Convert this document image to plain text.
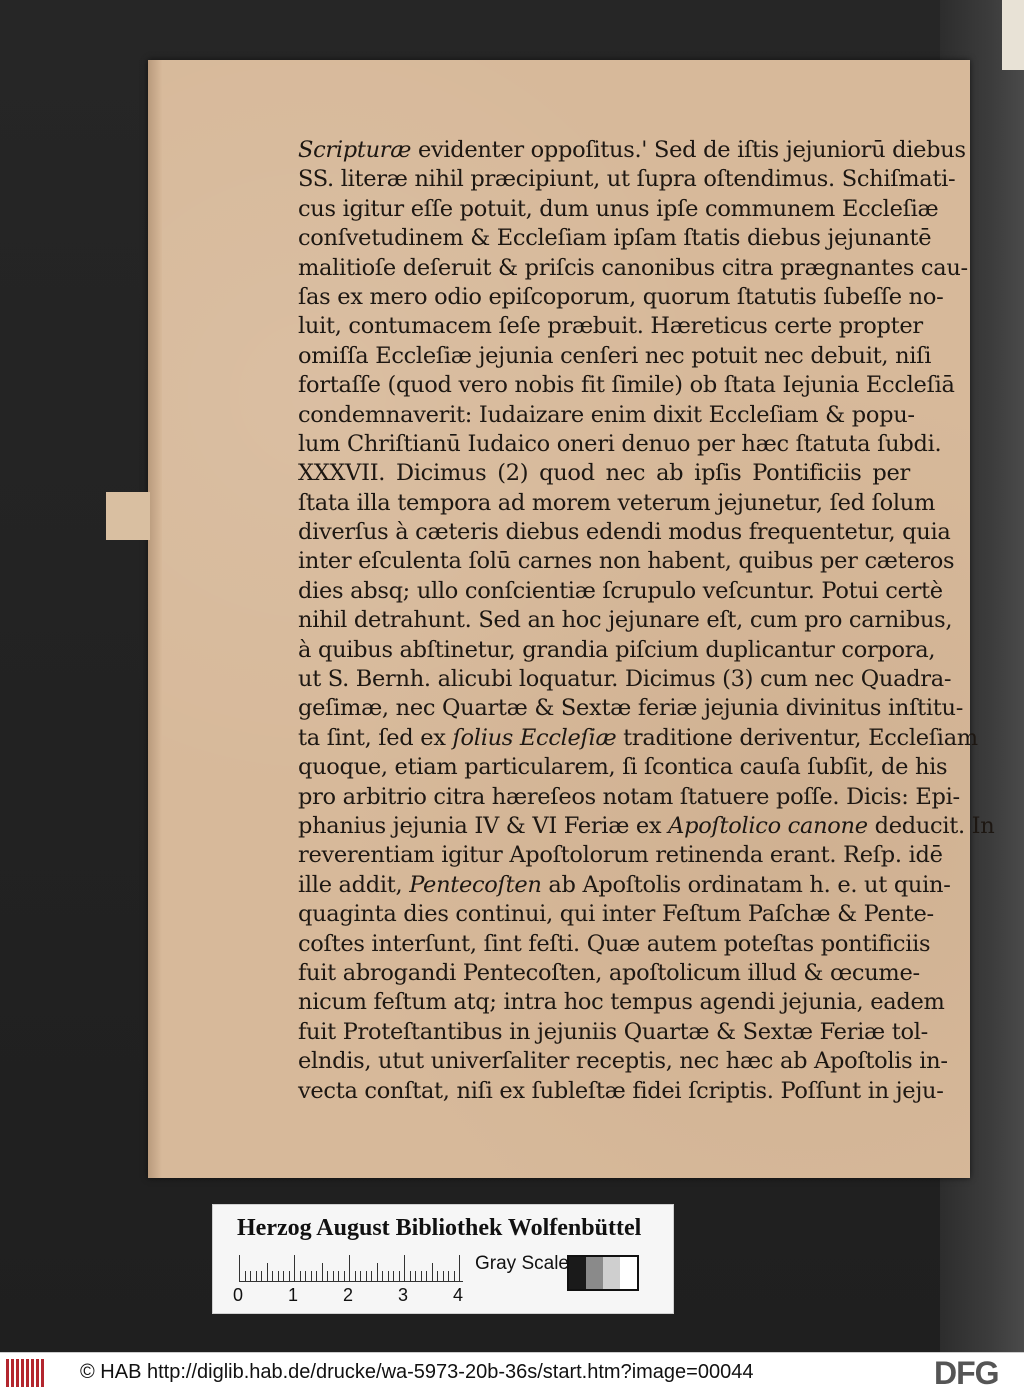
Scripturæ evidenter oppoſitus.' Sed de iſtis jejuniorū diebus
SS. literæ nihil præcipiunt, ut ſupra oſtendimus. Schiſmati-
cus igitur eſſe potuit, dum unus ipſe communem Eccleſiæ
conſvetudinem & Eccleſiam ipſam ſtatis diebus jejunantē
malitioſe deſeruit & priſcis canonibus citra prægnantes cau-
ſas ex mero odio epiſcoporum, quorum ſtatutis ſubeſſe no-
luit, contumacem ſeſe præbuit. Hæreticus certe propter
omiſſa Eccleſiæ jejunia cenſeri nec potuit nec debuit, niſi
fortaſſe (quod vero nobis fit ſimile) ob ſtata Iejunia Eccleſiā
condemnaverit: Iudaizare enim dixit Eccleſiam & popu-
lum Chriſtianū Iudaico oneri denuo per hæc ſtatuta ſubdi.
XXXVII. Dicimus (2) quod nec ab ipſis Pontificiis per
ſtata illa tempora ad morem veterum jejunetur, ſed ſolum
diverſus à cæteris diebus edendi modus frequentetur, quia
inter eſculenta ſolū carnes non habent, quibus per cæteros
dies absq; ullo conſcientiæ ſcrupulo veſcuntur. Potui certè
nihil detrahunt. Sed an hoc jejunare eſt, cum pro carnibus,
à quibus abſtinetur, grandia piſcium duplicantur corpora,
ut S. Bernh. alicubi loquatur. Dicimus (3) cum nec Quadra-
geſimæ, nec Quartæ & Sextæ feriæ jejunia divinitus inſtitu-
ta ſint, ſed ex ſolius Eccleſiæ traditione deriventur, Eccleſiam
quoque, etiam particularem, ſi ſcontica cauſa ſubſit, de his
pro arbitrio citra hæreſeos notam ſtatuere poſſe. Dicis: Epi-
phanius jejunia IV & VI Feriæ ex Apoſtolico canone deducit. In
reverentiam igitur Apoſtolorum retinenda erant. Reſp. idē
ille addit, Pentecoſten ab Apoſtolis ordinatam h. e. ut quin-
quaginta dies continui, qui inter Feſtum Paſchæ & Pente-
coſtes interſunt, ſint feſti. Quæ autem poteſtas pontificiis
fuit abrogandi Pentecoſten, apoſtolicum illud & œcume-
nicum feſtum atq; intra hoc tempus agendi jejunia, eadem
fuit Proteſtantibus in jejuniis Quartæ & Sextæ Feriæ tol-
elndis, utut univerſaliter receptis, nec hæc ab Apoſtolis in-
vecta conſtat, niſi ex ſubleſtæ fidei ſcriptis. Poſſunt in jeju-
Herzog August Bibliothek Wolfenbüttel
0 1 2 3 4
Gray Scale
© HAB http://diglib.hab.de/drucke/wa-5973-20b-36s/start.htm?image=00044	DFG
